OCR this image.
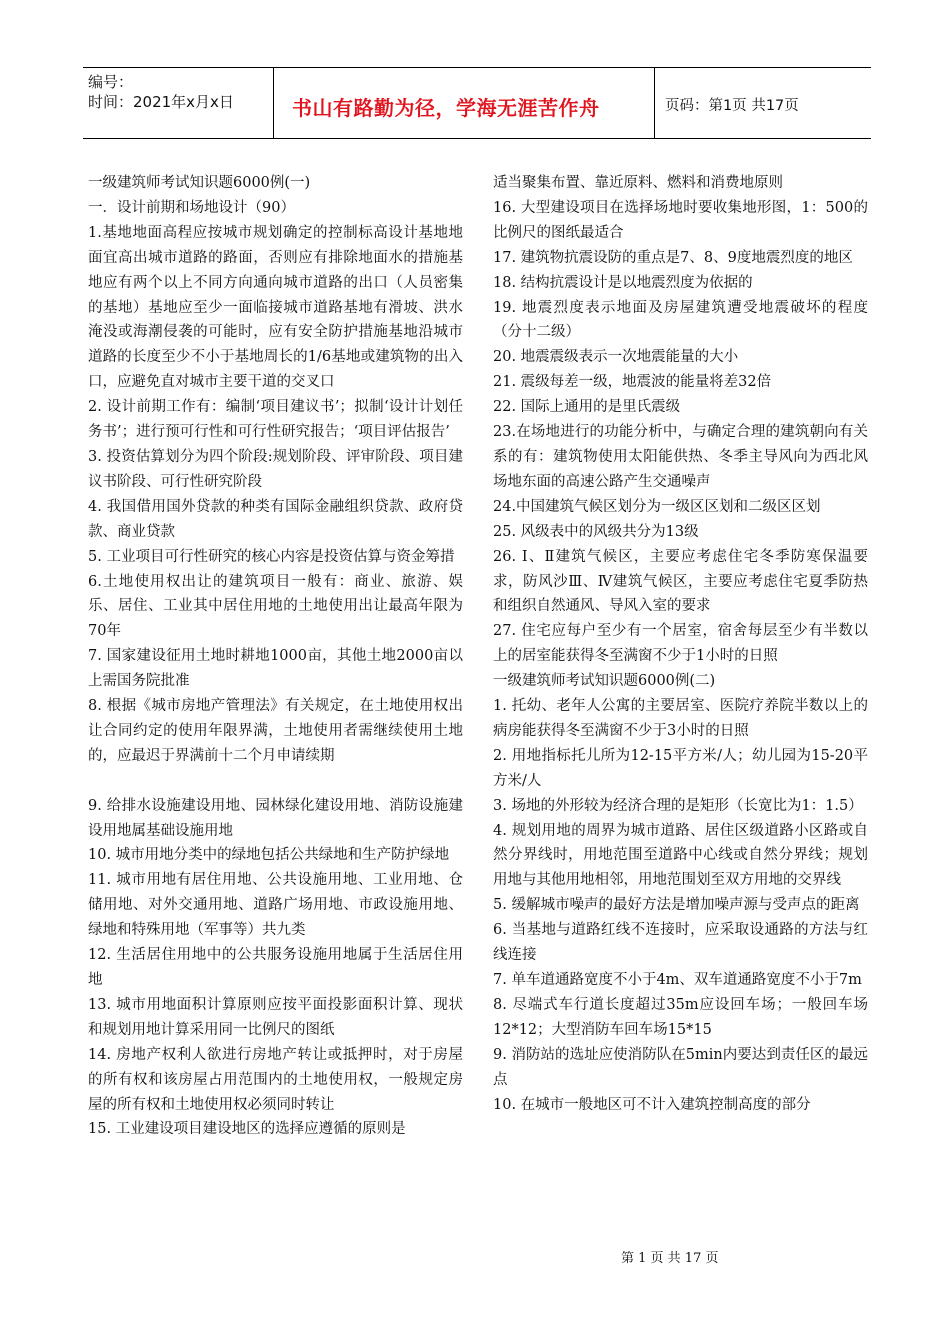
编号：
时间：2021年x月x日	书山有路勤为径，学海无涯苦作舟	页码：第1页 共17页

一级建筑师考试知识题6000例(一)

一．设计前期和场地设计（90）

1.基地地面高程应按城市规划确定的控制标高设计基地地面宜高出城市道路的路面，否则应有排除地面水的措施基地应有两个以上不同方向通向城市道路的出口（人员密集的基地）基地应至少一面临接城市道路基地有滑坡、洪水淹没或海潮侵袭的可能时，应有安全防护措施基地沿城市道路的长度至少不小于基地周长的1/6基地或建筑物的出入口，应避免直对城市主要干道的交叉口

2. 设计前期工作有：编制‘项目建议书’；拟制‘设计计划任务书’；进行预可行性和可行性研究报告；‘项目评估报告’

3. 投资估算划分为四个阶段:规划阶段、评审阶段、项目建议书阶段、可行性研究阶段

4. 我国借用国外贷款的种类有国际金融组织贷款、政府贷款、商业贷款

5. 工业项目可行性研究的核心内容是投资估算与资金筹措

6.土地使用权出让的建筑项目一般有：商业、旅游、娱乐、居住、工业其中居住用地的土地使用出让最高年限为70年

7. 国家建设征用土地时耕地1000亩，其他土地2000亩以上需国务院批准

8. 根据《城市房地产管理法》有关规定，在土地使用权出让合同约定的使用年限界满，土地使用者需继续使用土地的，应最迟于界满前十二个月申请续期

9. 给排水设施建设用地、园林绿化建设用地、消防设施建设用地属基础设施用地

10. 城市用地分类中的绿地包括公共绿地和生产防护绿地

11. 城市用地有居住用地、公共设施用地、工业用地、仓储用地、对外交通用地、道路广场用地、市政设施用地、绿地和特殊用地（军事等）共九类

12. 生活居住用地中的公共服务设施用地属于生活居住用地

13. 城市用地面积计算原则应按平面投影面积计算、现状和规划用地计算采用同一比例尺的图纸

14. 房地产权利人欲进行房地产转让或抵押时，对于房屋的所有权和该房屋占用范围内的土地使用权，一般规定房屋的所有权和土地使用权必须同时转让

15. 工业建设项目建设地区的选择应遵循的原则是

适当聚集布置、靠近原料、燃料和消费地原则

16. 大型建设项目在选择场地时要收集地形图，1：500的比例尺的图纸最适合

17. 建筑物抗震设防的重点是7、8、9度地震烈度的地区

18. 结构抗震设计是以地震烈度为依据的

19. 地震烈度表示地面及房屋建筑遭受地震破坏的程度（分十二级）

20. 地震震级表示一次地震能量的大小

21. 震级每差一级，地震波的能量将差32倍

22. 国际上通用的是里氏震级

23.在场地进行的功能分析中，与确定合理的建筑朝向有关系的有：建筑物使用太阳能供热、冬季主导风向为西北风场地东面的高速公路产生交通噪声

24.中国建筑气候区划分为一级区区划和二级区区划

25. 风级表中的风级共分为13级

26. Ⅰ、Ⅱ建筑气候区，主要应考虑住宅冬季防寒保温要求，防风沙Ⅲ、Ⅳ建筑气候区，主要应考虑住宅夏季防热和组织自然通风、导风入室的要求

27. 住宅应每户至少有一个居室，宿舍每层至少有半数以上的居室能获得冬至满窗不少于1小时的日照

一级建筑师考试知识题6000例(二)

1. 托幼、老年人公寓的主要居室、医院疗养院半数以上的病房能获得冬至满窗不少于3小时的日照

2. 用地指标托儿所为12-15平方米/人；幼儿园为15-20平方米/人

3. 场地的外形较为经济合理的是矩形（长宽比为1：1.5）

4. 规划用地的周界为城市道路、居住区级道路小区路或自然分界线时，用地范围至道路中心线或自然分界线；规划用地与其他用地相邻，用地范围划至双方用地的交界线

5. 缓解城市噪声的最好方法是增加噪声源与受声点的距离

6. 当基地与道路红线不连接时，应采取设通路的方法与红线连接

7. 单车道通路宽度不小于4m、双车道通路宽度不小于7m

8. 尽端式车行道长度超过35m应设回车场；一般回车场12*12；大型消防车回车场15*15

9. 消防站的选址应使消防队在5min内要达到责任区的最远点

10. 在城市一般地区可不计入建筑控制高度的部分

第 1 页 共 17 页
